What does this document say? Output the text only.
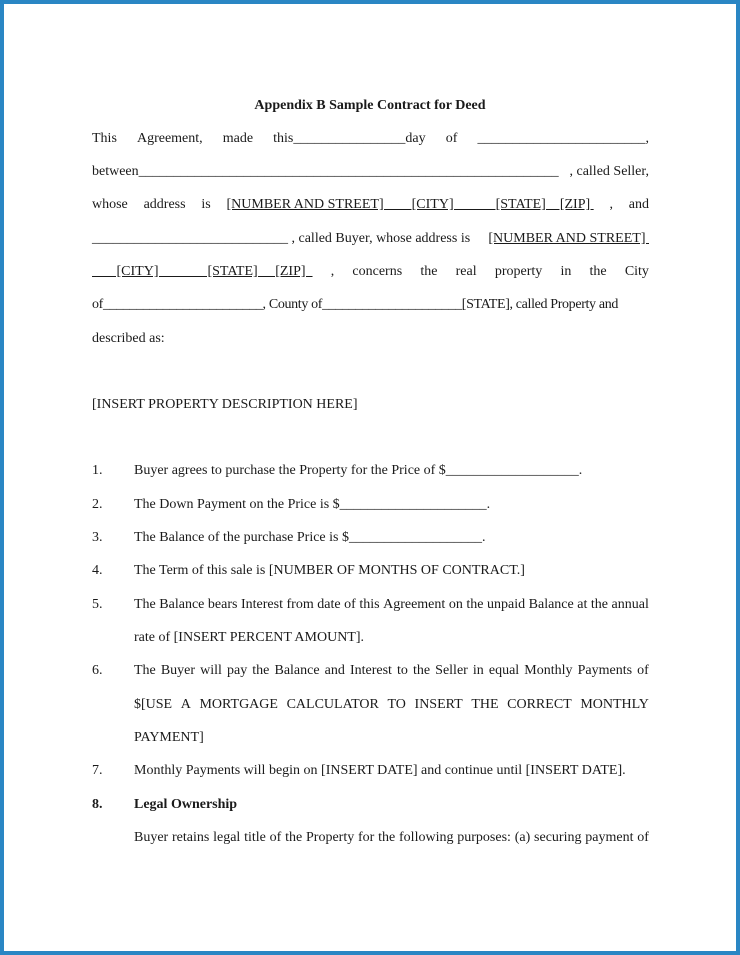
Appendix B Sample Contract for Deed
This Agreement, made this________________day of ________________________,
between____________________________________________________________ , called Seller,
whose address is [NUMBER AND STREET]        [CITY]            [STATE]    [ZIP] , and
____________________________ , called Buyer, whose address is [NUMBER AND STREET]
[CITY]              [STATE]     [ZIP] , concerns the real property in the City
of________________________, County of_____________________[STATE], called Property and
described as:
[INSERT PROPERTY DESCRIPTION HERE]
1. Buyer agrees to purchase the Property for the Price of $___________________.
2. The Down Payment on the Price is $_____________________.
3. The Balance of the purchase Price is $___________________.
4. The Term of this sale is [NUMBER OF MONTHS OF CONTRACT.]
5. The Balance bears Interest from date of this Agreement on the unpaid Balance at the annual
rate of [INSERT PERCENT AMOUNT].
6. The Buyer will pay the Balance and Interest to the Seller in equal Monthly Payments of
$[USE A MORTGAGE CALCULATOR TO INSERT THE CORRECT MONTHLY
PAYMENT]
7. Monthly Payments will begin on [INSERT DATE] and continue until [INSERT DATE].
8. Legal Ownership
Buyer retains legal title of the Property for the following purposes: (a) securing payment of
